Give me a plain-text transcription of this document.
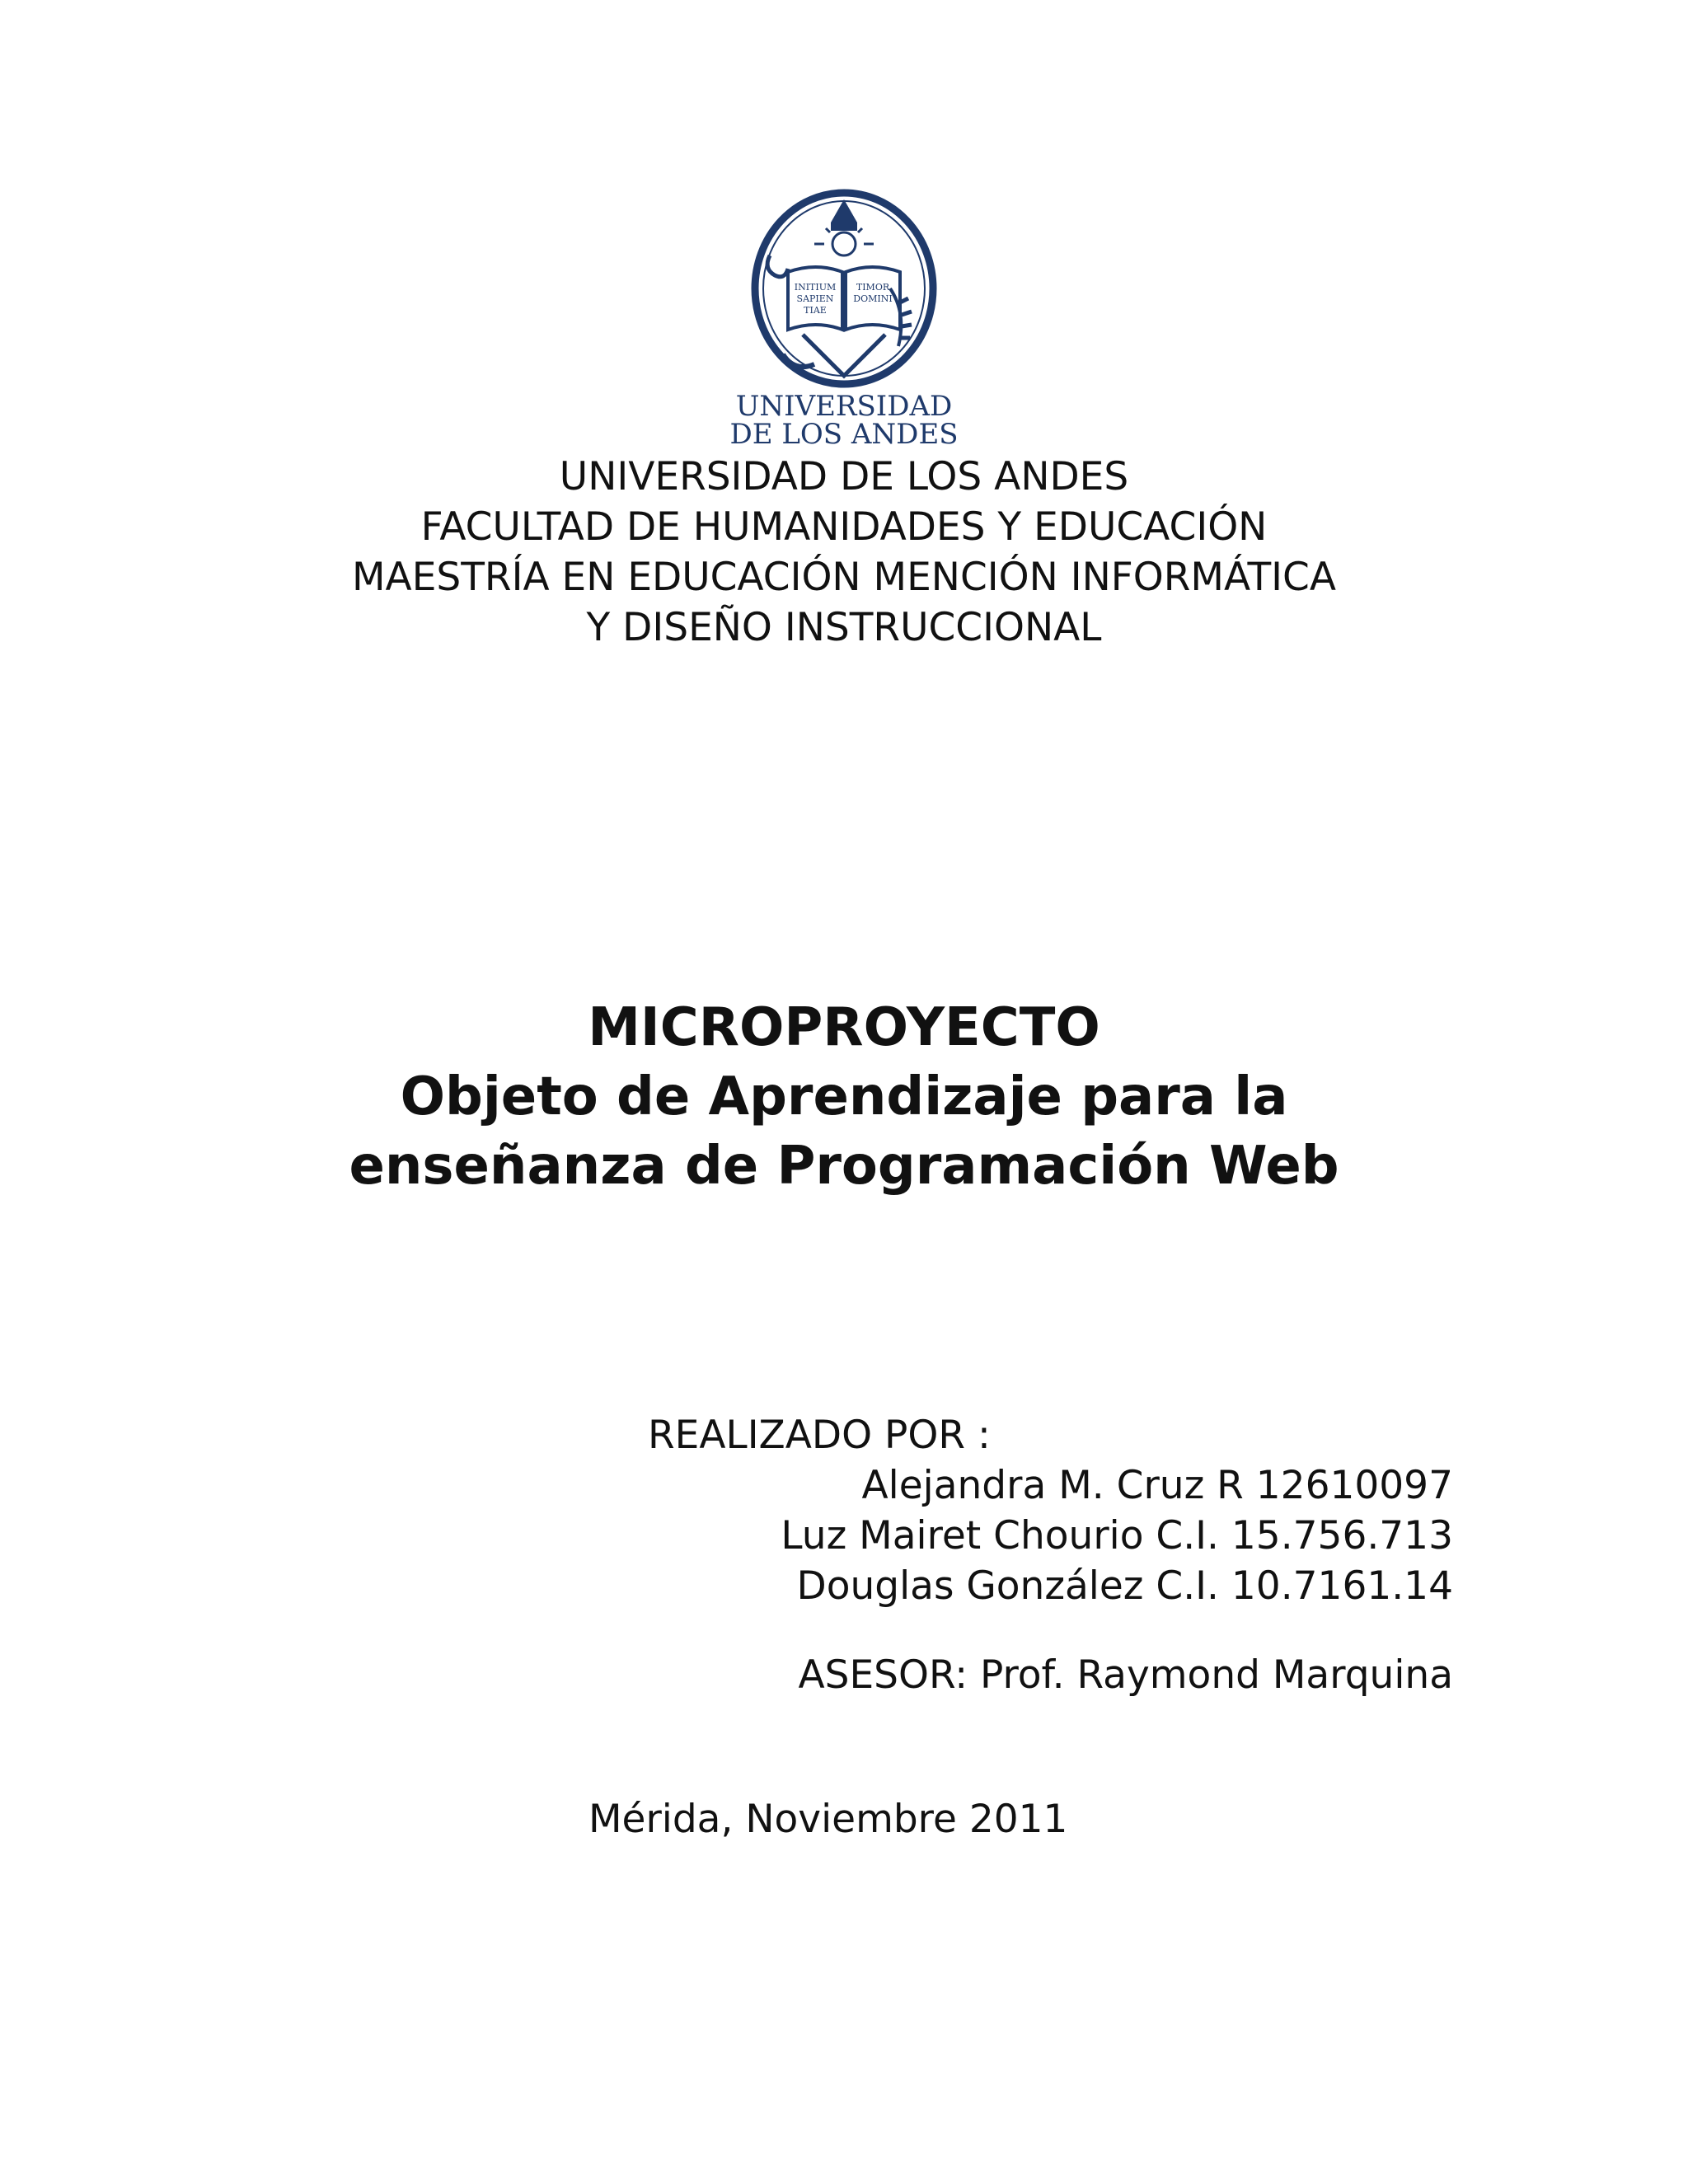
INITIUM
SAPIEN
TIAE
TIMOR
DOMINI
UNIVERSIDAD
DE LOS ANDES
UNIVERSIDAD DE LOS ANDES
FACULTAD DE HUMANIDADES Y EDUCACIÓN
MAESTRÍA EN EDUCACIÓN MENCIÓN INFORMÁTICA
Y DISEÑO INSTRUCCIONAL
MICROPROYECTO
Objeto de Aprendizaje para la
enseñanza de Programación Web
REALIZADO POR :
Alejandra M. Cruz R 12610097
Luz Mairet Chourio C.I. 15.756.713
Douglas González C.I. 10.7161.14
ASESOR: Prof. Raymond Marquina
Mérida, Noviembre 2011
